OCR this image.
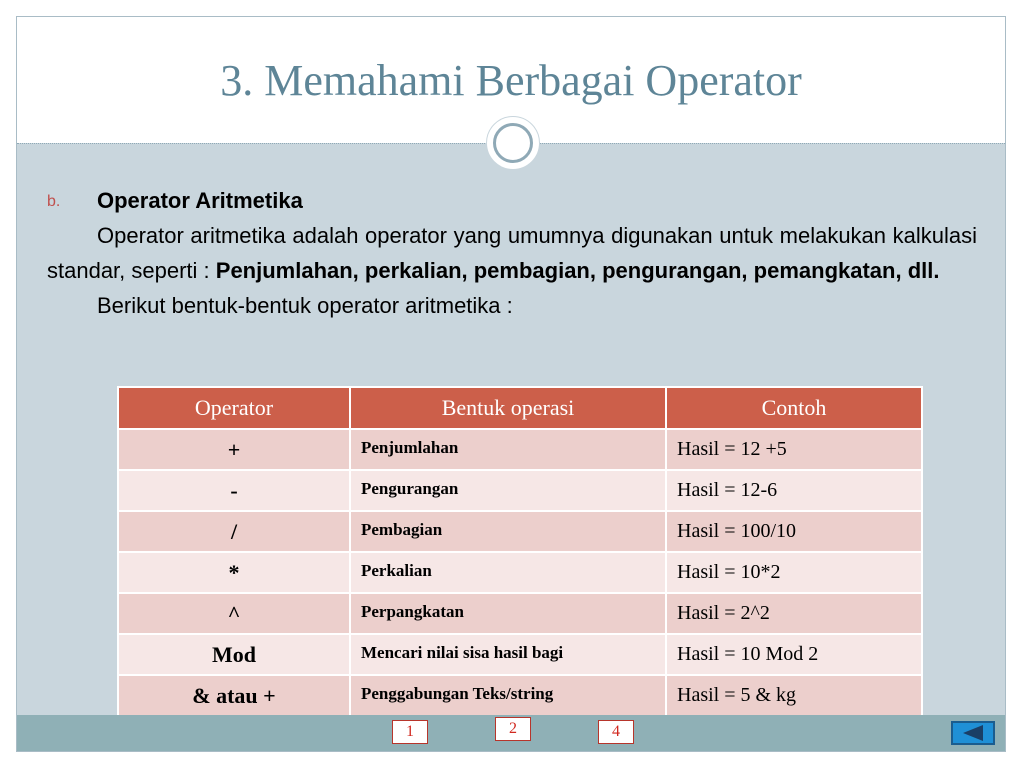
3. Memahami Berbagai Operator
b. Operator Aritmetika

Operator aritmetika adalah operator yang umumnya digunakan untuk melakukan kalkulasi standar, seperti : Penjumlahan, perkalian, pembagian, pengurangan, pemangkatan, dll.

Berikut bentuk-bentuk operator aritmetika :

Operator	Bentuk operasi	Contoh
+	Penjumlahan	Hasil = 12 +5
-	Pengurangan	Hasil = 12-6
/	Pembagian	Hasil = 100/10
*	Perkalian	Hasil = 10*2
^	Perpangkatan	Hasil = 2^2
Mod	Mencari nilai sisa hasil bagi	Hasil = 10 Mod 2
& atau +	Penggabungan Teks/string	Hasil = 5 & kg
1	2	4
